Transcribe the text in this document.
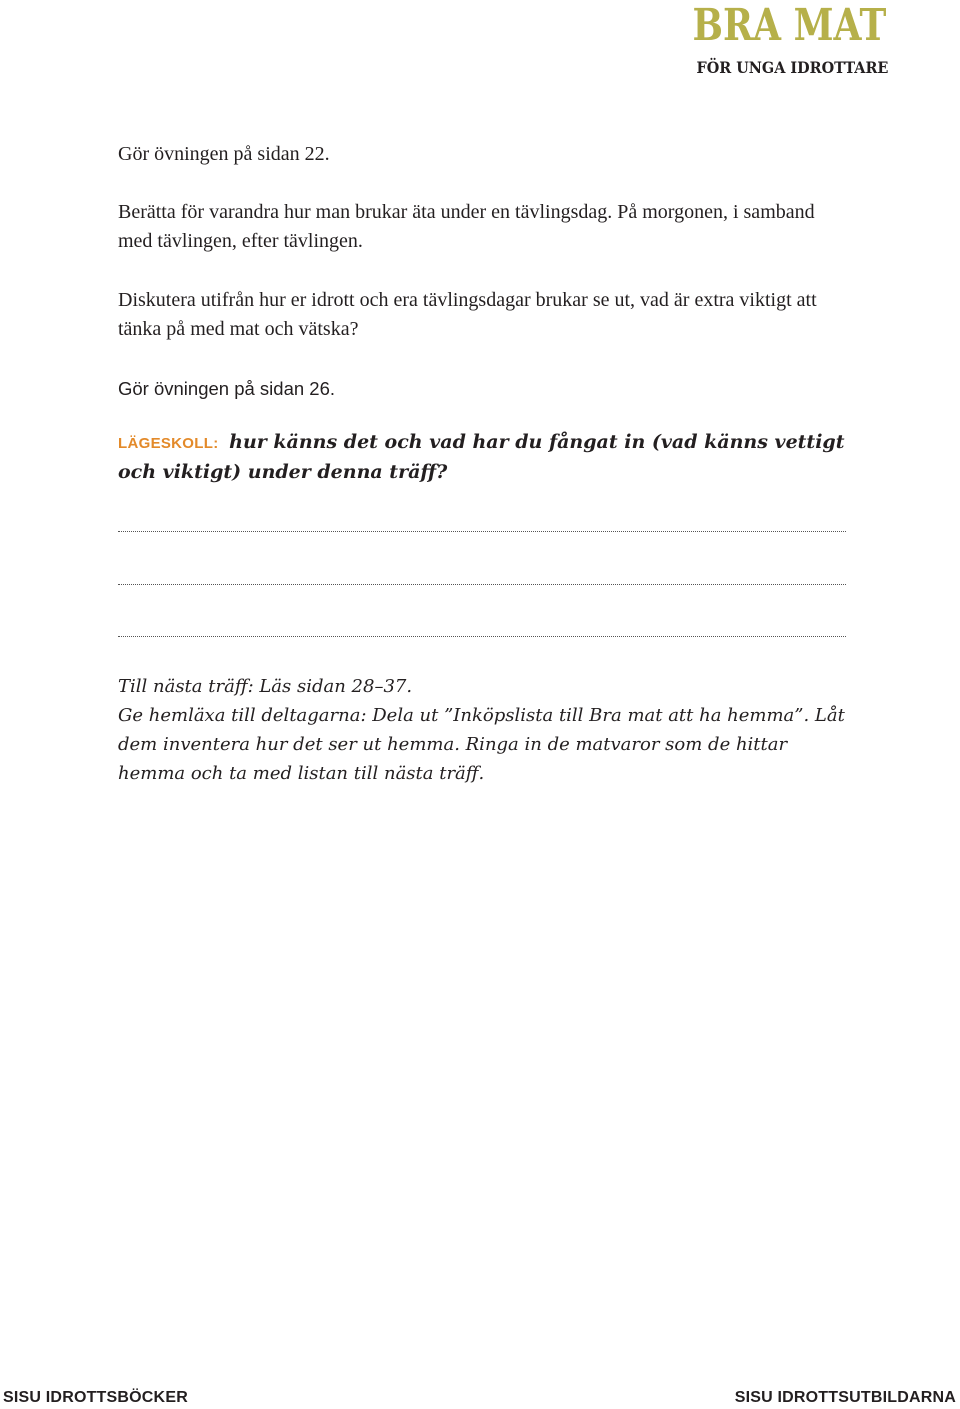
BRA MAT
FÖR UNGA IDROTTARE

Gör övningen på sidan 22.

Berätta för varandra hur man brukar äta under en tävlingsdag. På morgonen, i samband med tävlingen, efter tävlingen.

Diskutera utifrån hur er idrott och era tävlingsdagar brukar se ut, vad är extra viktigt att tänka på med mat och vätska?

Gör övningen på sidan 26.

LÄGESKOLL: hur känns det och vad har du fångat in (vad känns vettigt och viktigt) under denna träff?
Till nästa träff: Läs sidan 28–37.
Ge hemläxa till deltagarna: Dela ut ”Inköpslista till Bra mat att ha hemma”. Låt dem inventera hur det ser ut hemma. Ringa in de matvaror som de hittar hemma och ta med listan till nästa träff.
SISU IDROTTSBÖCKER	SISU IDROTTSUTBILDARNA
